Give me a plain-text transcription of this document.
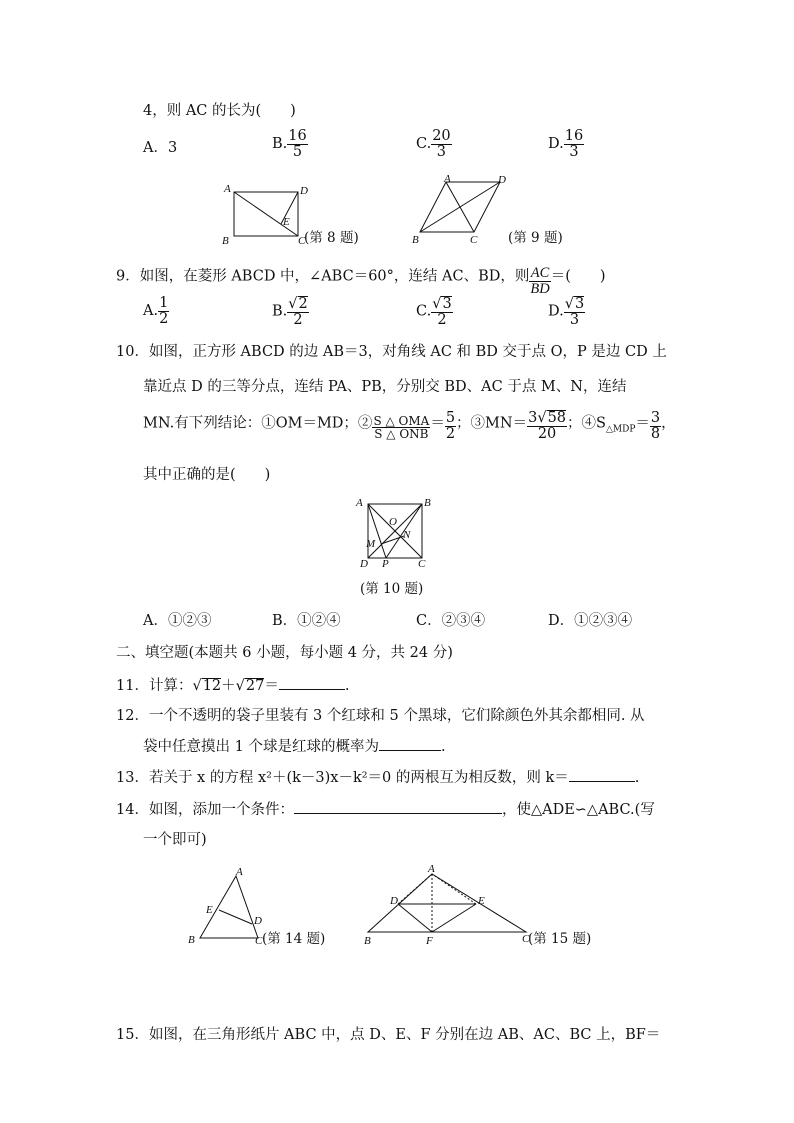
4，则 AC 的长为(　　)
A．3	B. $\frac{16}{5}$	C. $\frac{20}{3}$	D. $\frac{16}{3}$
A	D
E
B	C
(第 8 题)
A	D
B	C (第 9 题)
9．如图，在菱形 ABCD 中，∠ABC＝60°，连结 AC、BD，则 $\frac{AC}{BD}$ ＝(　　)
A. $\frac{1}{2}$	B. $\frac{√2}{2}$	C. $\frac{√3}{2}$	D. $\frac{√3}{3}$
10．如图，正方形 ABCD 的边 AB＝3，对角线 AC 和 BD 交于点 O，P 是边 CD 上
靠近点 D 的三等分点，连结 PA、PB，分别交 BD、AC 于点 M、N，连结
MN.有下列结论：①OM＝MD；② $\frac{\text{S △ OMA}}{\text{S △ ONB}} = \frac{5}{2}$ ；③MN＝ $\frac{3√58}{20}$ ；$④S_{\triangle MDP}= \frac{3}{8}$ ，
其中正确的是(　　)
A	B
O
M
N
D P	C
(第 10 题)
A．①②③	B．①②④	C．②③④	D．①②③④
二、填空题(本题共 6 小题，每小题 4 分，共 24 分)
11．计算：√12＋√27＝	.
12．一个不透明的袋子里装有 3 个红球和 5 个黑球，它们除颜色外其余都相同. 从
袋中任意摸出 1 个球是红球的概率为	.
13．若关于 x 的方程 x²＋(k－3)x－k²＝0 的两根互为相反数，则 k＝	.
14．如图，添加一个条件：	，使△ADE∽△ABC.(写
一个即可)
A
E
D
B	C (第 14 题)
A
D	E
B	F	C
(第 15 题)
15．如图，在三角形纸片 ABC 中，点 D、E、F 分别在边 AB、AC、BC 上，BF＝
